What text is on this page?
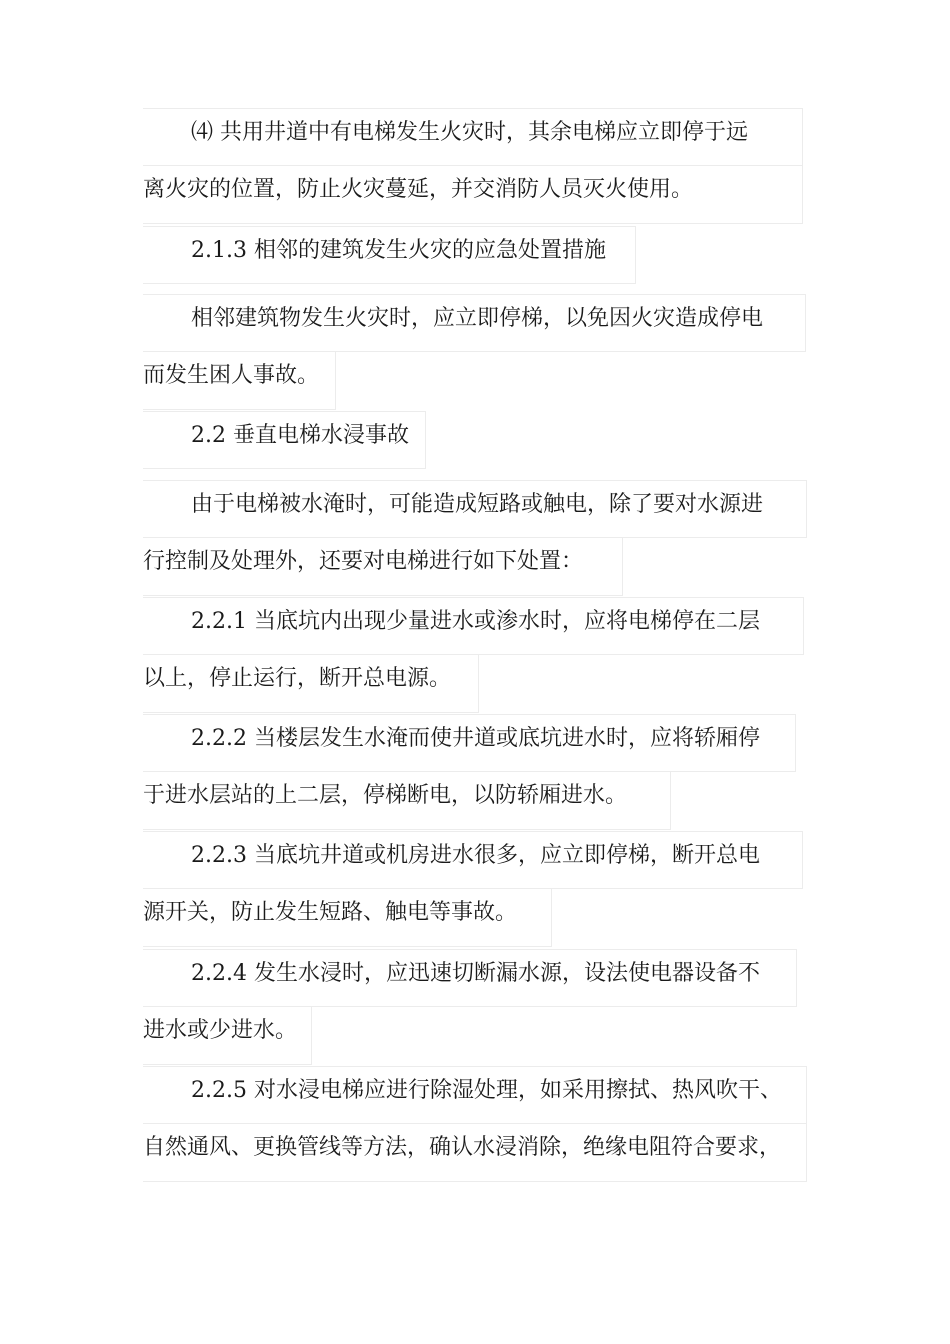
⑷ 共用井道中有电梯发生火灾时，其余电梯应立即停于远
离火灾的位置，防止火灾蔓延，并交消防人员灭火使用。
2.1.3 相邻的建筑发生火灾的应急处置措施
相邻建筑物发生火灾时，应立即停梯，以免因火灾造成停电
而发生困人事故。
2.2 垂直电梯水浸事故
由于电梯被水淹时，可能造成短路或触电，除了要对水源进
行控制及处理外，还要对电梯进行如下处置：
2.2.1 当底坑内出现少量进水或渗水时，应将电梯停在二层
以上，停止运行，断开总电源。
2.2.2 当楼层发生水淹而使井道或底坑进水时，应将轿厢停
于进水层站的上二层，停梯断电，以防轿厢进水。
2.2.3 当底坑井道或机房进水很多，应立即停梯，断开总电
源开关，防止发生短路、触电等事故。
2.2.4 发生水浸时，应迅速切断漏水源，设法使电器设备不
进水或少进水。
2.2.5 对水浸电梯应进行除湿处理，如采用擦拭、热风吹干、
自然通风、更换管线等方法，确认水浸消除，绝缘电阻符合要求，
